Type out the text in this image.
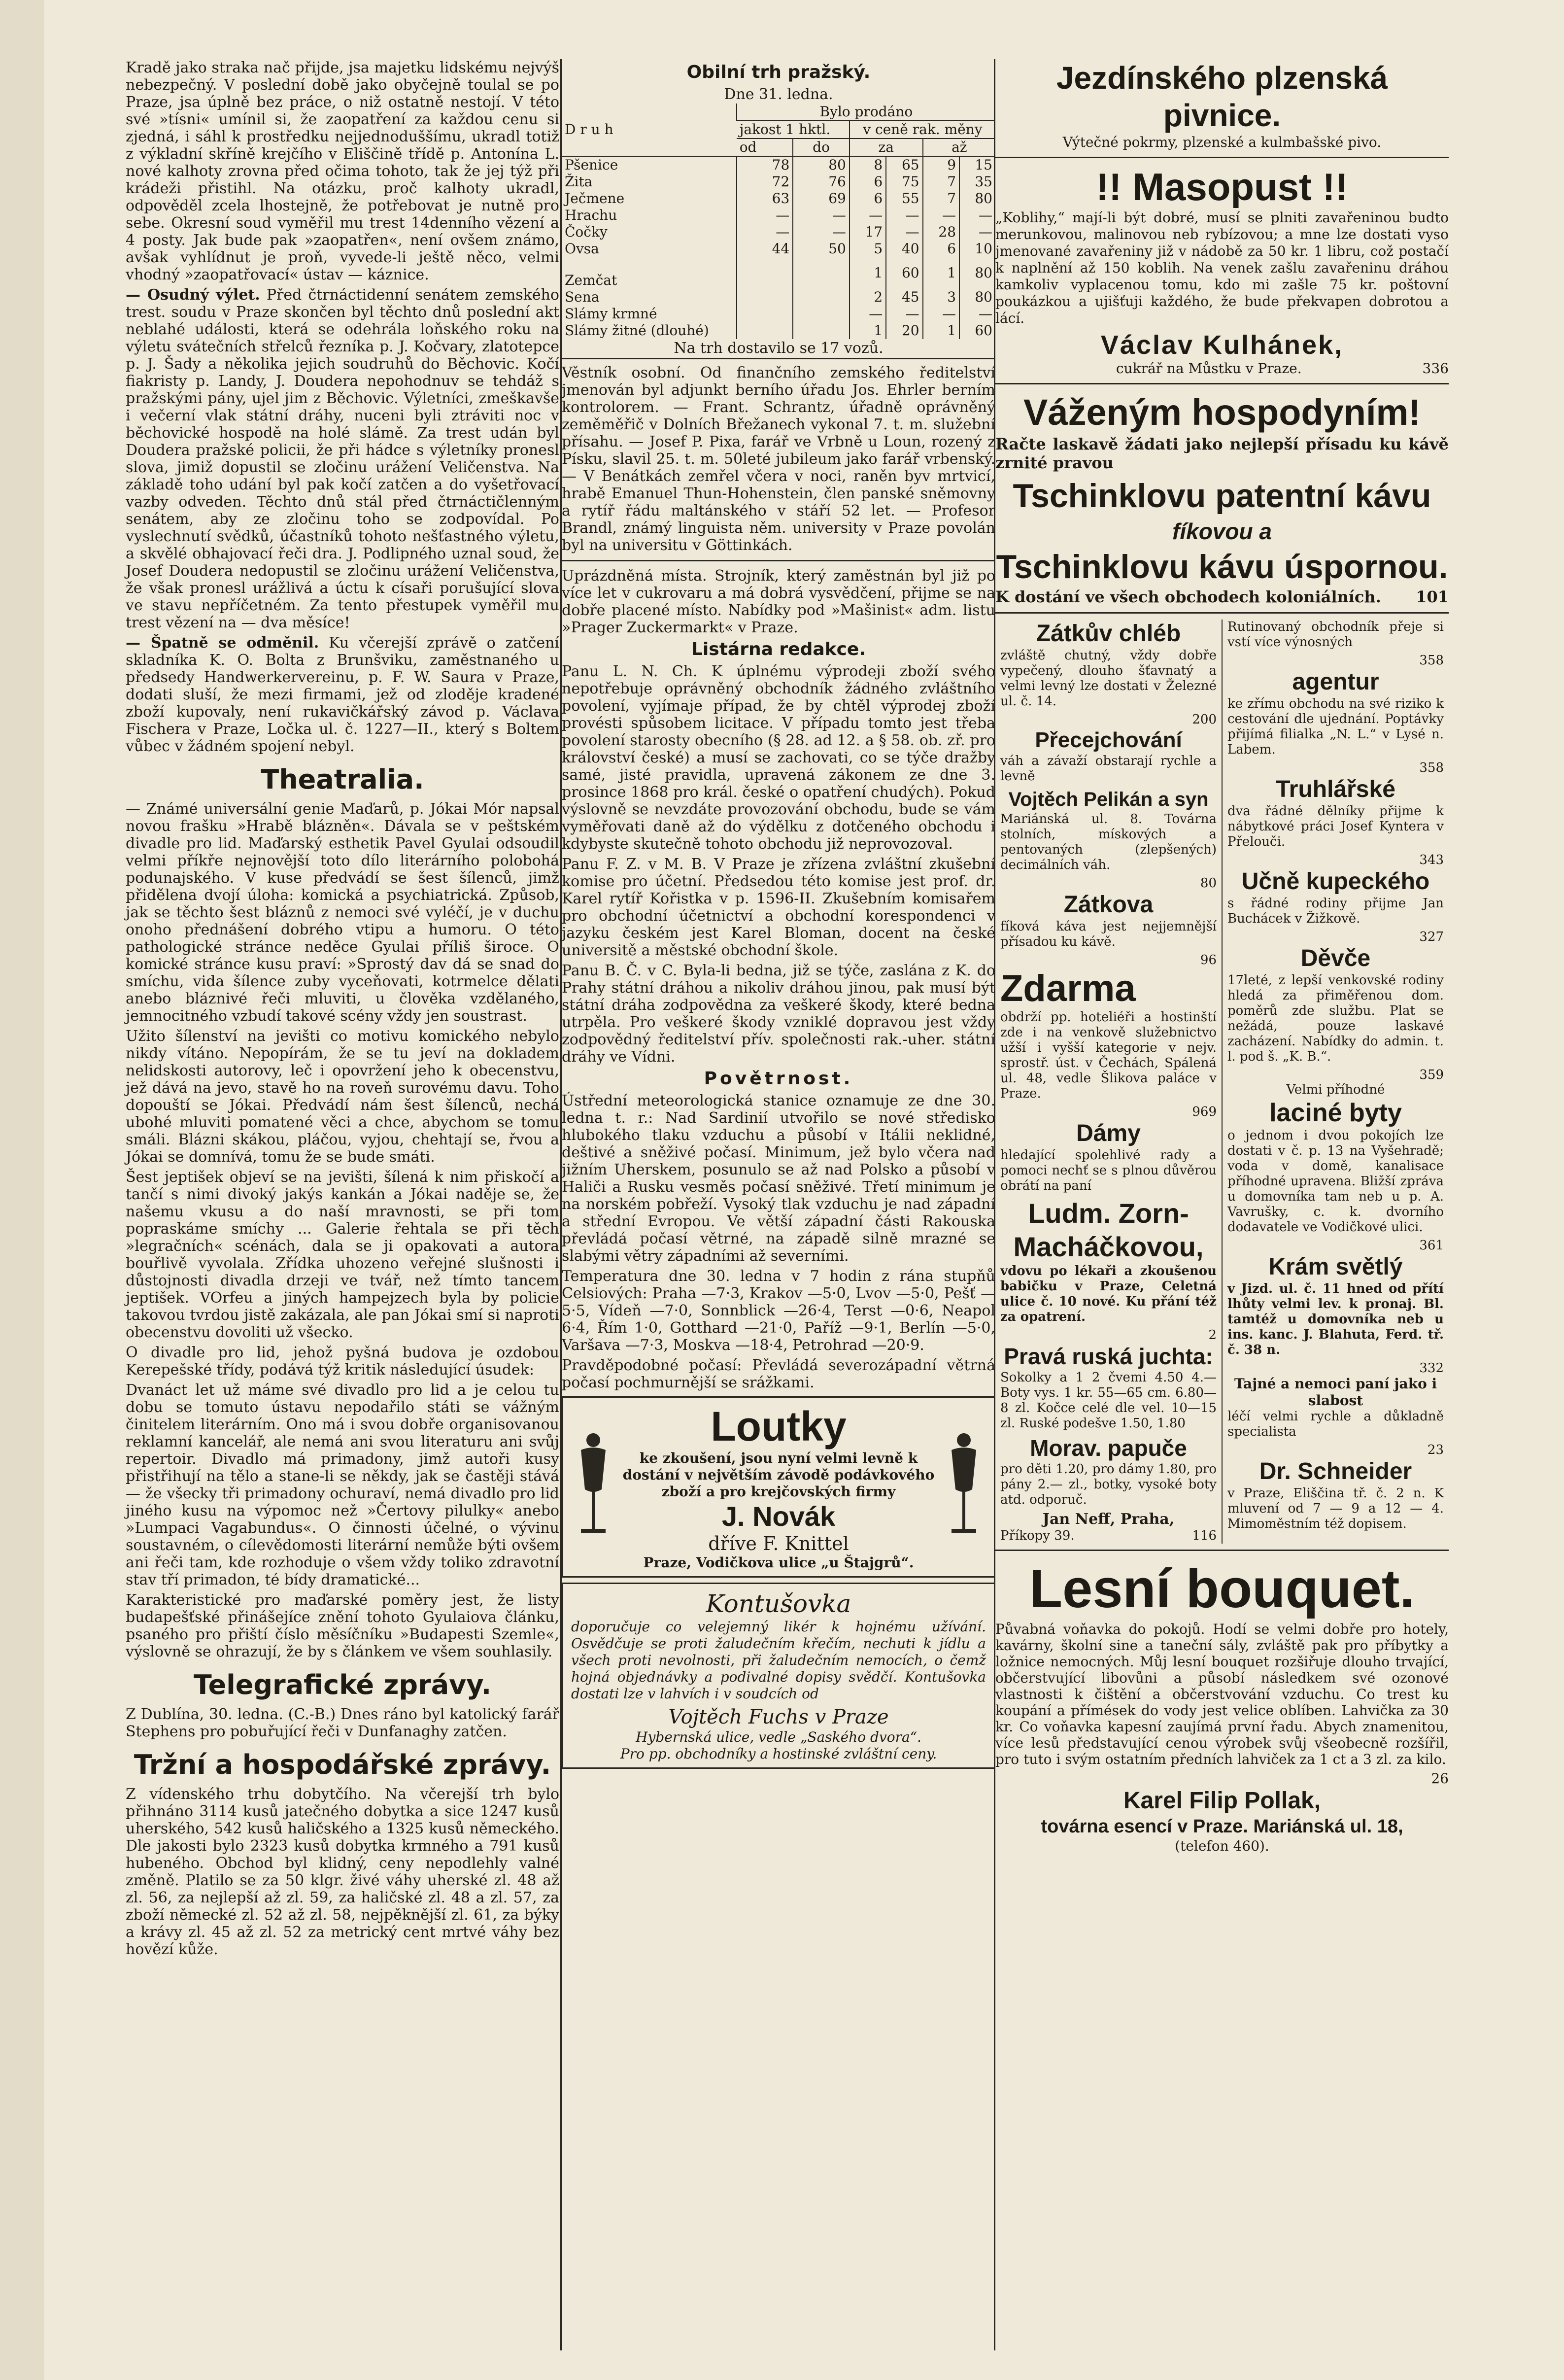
Kradě jako straka nač přijde, jsa majetku lidskému nejvýš nebezpečný. V poslední době jako obyčejně toulal se po Praze, jsa úplně bez práce, o niž ostatně nestojí. V této své »tísni« umínil si, že zaopatření za každou cenu si zjedná, i sáhl k prostředku nejjednoduššímu, ukradl totiž z výkladní skříně krejčího v Eliščině třídě p. Antonína L. nové kalhoty zrovna před očima tohoto, tak že jej týž při krádeži přistihl. Na otázku, proč kalhoty ukradl, odpověděl zcela lhostejně, že potřebovat je nutně pro sebe. Okresní soud vyměřil mu trest 14denního vězení a 4 posty. Jak bude pak »zaopatřen«, není ovšem známo, avšak vyhlídnut je proň, vyvede-li ještě něco, velmi vhodný »zaopatřovací« ústav — káznice.

— Osudný výlet. Před čtrnáctidenní senátem zemského trest. soudu v Praze skončen byl těchto dnů poslední akt neblahé události, která se odehrála loňského roku na výletu svátečních střelců řezníka p. J. Kočvary, zlatotepce p. J. Šady a několika jejich soudruhů do Běchovic. Kočí fiakristy p. Landy, J. Doudera nepohodnuv se tehdáž s pražskými pány, ujel jim z Běchovic. Výletníci, zmeškavše i večerní vlak státní dráhy, nuceni byli ztráviti noc v běchovické hospodě na holé slámě. Za trest udán byl Doudera pražské policii, že při hádce s výletníky pronesl slova, jimiž dopustil se zločinu urážení Veličenstva. Na základě toho udání byl pak kočí zatčen a do vyšetřovací vazby odveden. Těchto dnů stál před čtrnáctičlenným senátem, aby ze zločinu toho se zodpovídal. Po vyslechnutí svědků, účastníků tohoto nešťastného výletu, a skvělé obhajovací řeči dra. J. Podlipného uznal soud, že Josef Doudera nedopustil se zločinu urážení Veličenstva, že však pronesl urážlivá a úctu k císaři porušující slova ve stavu nepříčetném. Za tento přestupek vyměřil mu trest vězení na — dva měsíce!

— Špatně se odměnil. Ku včerejší zprávě o zatčení skladníka K. O. Bolta z Brunšviku, zaměstnaného u předsedy Handwerkervereinu, p. F. W. Saura v Praze, dodati sluší, že mezi firmami, jež od zloděje kradené zboží kupovaly, není rukavičkářský závod p. Václava Fischera v Praze, Ločka ul. č. 1227—II., který s Boltem vůbec v žádném spojení nebyl.

Theatralia.

— Známé universální genie Maďarů, p. Jókai Mór napsal novou frašku »Hrabě blázněn«. Dávala se v peštském divadle pro lid. Maďarský esthetik Pavel Gyulai odsoudil velmi příkře nejnovější toto dílo literárního polobohá podunajského. V kuse předvádí se šest šílenců, jimž přidělena dvojí úloha: komická a psychiatrická. Způsob, jak se těchto šest bláznů z nemoci své vyléčí, je v duchu onoho přednášení dobrého vtipu a humoru. O této pathologické stránce neděce Gyulai příliš široce. O komické stránce kusu praví: »Sprostý dav dá se snad do smíchu, vida šílence zuby vyceňovati, kotrmelce dělati anebo bláznivé řeči mluviti, u člověka vzdělaného, jemnocitného vzbudí takové scény vždy jen soustrast.

Užito šílenství na jevišti co motivu komického nebylo nikdy vítáno. Nepopírám, že se tu jeví na dokladem nelidskosti autorovy, leč i opovržení jeho k obecenstvu, jež dává na jevo, stavě ho na roveň surovému davu. Toho dopouští se Jókai. Předvádí nám šest šílenců, nechá ubohé mluviti pomatené věci a chce, abychom se tomu smáli. Blázni skákou, pláčou, vyjou, chehtají se, řvou a Jókai se domnívá, tomu že se bude smáti.

Šest jeptišek objeví se na jevišti, šílená k nim přiskočí a tančí s nimi divoký jakýs kankán a Jókai naděje se, že našemu vkusu a do naší mravnosti, se při tom popraskáme smíchy ... Galerie řehtala se při těch »legračních« scénách, dala se ji opakovati a autora bouřlivě vyvolala. Zřídka uhozeno veřejné slušnosti i důstojnosti divadla drzeji ve tvář, než tímto tancem jeptišek. VOrfeu a jiných hampejzech byla by policie takovou tvrdou jistě zakázala, ale pan Jókai smí si naproti obecenstvu dovoliti už všecko.

O divadle pro lid, jehož pyšná budova je ozdobou Kerepešské třídy, podává týž kritik následující úsudek:

Dvanáct let už máme své divadlo pro lid a je celou tu dobu se tomuto ústavu nepodařilo státi se vážným činitelem literárním. Ono má i svou dobře organisovanou reklamní kancelář, ale nemá ani svou literaturu ani svůj repertoir. Divadlo má primadony, jimž autoři kusy přistřihují na tělo a stane-li se někdy, jak se častěji stává — že všecky tři primadony ochuraví, nemá divadlo pro lid jiného kusu na výpomoc než »Čertovy pilulky« anebo »Lumpaci Vagabundus«. O činnosti účelné, o vývinu soustavném, o cílevědomosti literární nemůže býti ovšem ani řeči tam, kde rozhoduje o všem vždy toliko zdravotní stav tří primadon, té bídy dramatické...

Karakteristické pro maďarské poměry jest, že listy budapešťské přinášejíce znění tohoto Gyulaiova článku, psaného pro přiští číslo měsíčníku »Budapesti Szemle«, výslovně se ohrazují, že by s článkem ve všem souhlasily.

Telegrafické zprávy.

Z Dublína, 30. ledna. (C.-B.) Dnes ráno byl katolický farář Stephens pro pobuřující řeči v Dunfanaghy zatčen.

Tržní a hospodářské zprávy.

Z vídenského trhu dobytčího. Na včerejší trh bylo přihnáno 3114 kusů jatečného dobytka a sice 1247 kusů uherského, 542 kusů haličského a 1325 kusů německého. Dle jakosti bylo 2323 kusů dobytka krmného a 791 kusů hubeného. Obchod byl klidný, ceny nepodlehly valné změně. Platilo se za 50 klgr. živé váhy uherské zl. 48 až zl. 56, za nejlepší až zl. 59, za haličské zl. 48 a zl. 57, za zboží německé zl. 52 až zl. 58, nejpěknější zl. 61, za býky a krávy zl. 45 až zl. 52 za metrický cent mrtvé váhy bez hovězí kůže.

Obilní trh pražský.
Dne 31. ledna.
D r u h	Bylo prodáno					
	jakost 1 hktl.		v ceně rak. měny			
	od	do	za		až	
Pšenice	78	80	8	65	9	15
Žita	72	76	6	75	7	35
Ječmene	63	69	6	55	7	80
Hrachu	—	—	—	—	—	—
Čočky	—	—	17	—	28	—
Ovsa	44	50	5	40	6	10
Zemčat			1	60	1	80
Sena			2	45	3	80
Slámy krmné			—	—	—	—
Slámy žitné (dlouhé)			1	20	1	60
Na trh dostavilo se 17 vozů.

Věstník osobní. Od finančního zemského ředitelství jmenován byl adjunkt berního úřadu Jos. Ehrler berním kontrolorem. — Frant. Schrantz, úřadně oprávněný zeměměřič v Dolních Břežanech vykonal 7. t. m. služební přísahu. — Josef P. Pixa, farář ve Vrbně u Loun, rozený z Písku, slavil 25. t. m. 50leté jubileum jako farář vrbenský. — V Benátkách zemřel včera v noci, raněn byv mrtvicí, hrabě Emanuel Thun-Hohenstein, člen panské sněmovny a rytíř řádu maltánského v stáří 52 let. — Profesor Brandl, známý linguista něm. university v Praze povolán byl na universitu v Göttinkách.

Uprázdněná místa. Strojník, který zaměstnán byl již po více let v cukrovaru a má dobrá vysvědčení, přijme se na dobře placené místo. Nabídky pod »Mašinist« adm. listu »Prager Zuckermarkt« v Praze.

Listárna redakce.

Panu L. N. Ch. K úplnému výprodeji zboží svého nepotřebuje oprávněný obchodník žádného zvláštního povolení, vyjímaje případ, že by chtěl výprodej zboží provésti spůsobem licitace. V případu tomto jest třeba povolení starosty obecního (§ 28. ad 12. a § 58. ob. zř. pro království české) a musí se zachovati, co se týče dražby samé, jisté pravidla, upravená zákonem ze dne 3. prosince 1868 pro král. české o opatření chudých). Pokud výslovně se nevzdáte provozování obchodu, bude se vám vyměřovati daně až do výdělku z dotčeného obchodu i kdybyste skutečně tohoto obchodu již neprovozoval.

Panu F. Z. v M. B. V Praze je zřízena zvláštní zkušební komise pro účetní. Předsedou této komise jest prof. dr. Karel rytíř Kořistka v p. 1596-II. Zkušebním komisařem pro obchodní účetnictví a obchodní korespondenci v jazyku českém jest Karel Bloman, docent na české universitě a městské obchodní škole.

Panu B. Č. v C. Byla-li bedna, již se týče, zaslána z K. do Prahy státní dráhou a nikoliv dráhou jinou, pak musí být státní dráha zodpovědna za veškeré škody, které bedna utrpěla. Pro veškeré škody vzniklé dopravou jest vždy zodpovědný ředitelství přív. společnosti rak.-uher. státní dráhy ve Vídni.

Povětrnost.

Ústřední meteorologická stanice oznamuje ze dne 30. ledna t. r.: Nad Sardinií utvořilo se nové středisko hlubokého tlaku vzduchu a působí v Itálii neklidné, deštivé a sněživé počasí. Minimum, jež bylo včera nad jižním Uherskem, posunulo se až nad Polsko a působí v Haliči a Rusku vesměs počasí sněživé. Třetí minimum je na norském pobřeží. Vysoký tlak vzduchu je nad západní a střední Evropou. Ve větší západní části Rakouska převládá počasí větrné, na západě silně mrazné se slabými větry západními až severními.

Temperatura dne 30. ledna v 7 hodin z rána stupňů Celsiových: Praha —7·3, Krakov —5·0, Lvov —5·0, Pešť —5·5, Vídeň —7·0, Sonnblick —26·4, Terst —0·6, Neapol 6·4, Řím 1·0, Gotthard —21·0, Paříž —9·1, Berlín —5·0, Varšava —7·3, Moskva —18·4, Petrohrad —20·9.

Pravděpodobné počasí: Převládá severozápadní větrná počasí pochmurnější se srážkami.

Loutky
ke zkoušení, jsou nyní velmi levně k dostání v největším závodě podávkového zboží a pro krejčovských firmy
J. Novák
dříve F. Knittel
Praze, Vodičkova ulice „u Štajgrů“.
Kontušovka

doporučuje co velejemný likér k hojnému užívání. Osvědčuje se proti žaludečním křečím, nechuti k jídlu a všech proti nevolnosti, při žaludečním nemocích, o čemž hojná objednávky a podivalné dopisy svědčí. Kontušovka dostati lze v lahvích i v soudcích od

Vojtěch Fuchs v Praze
Hybernská ulice, vedle „Saského dvora“.
Pro pp. obchodníky a hostinské zvláštní ceny.
Jezdínského plzenská pivnice.
Výtečné pokrmy, plzenské a kulmbašské pivo.
!! Masopust !!

„Koblihy,“ mají-li být dobré, musí se plniti zavařeninou budto merunkovou, malinovou neb rybízovou; a mne lze dostati vyso jmenované zavařeniny již v nádobě za 50 kr. 1 libru, což postačí k naplnění až 150 koblih. Na venek zašlu zavařeninu dráhou kamkoliv vyplacenou tomu, kdo mi zašle 75 kr. poštovní poukázkou a ujišťuji každého, že bude překvapen dobrotou a lácí.

Václav Kulhánek,
cukrář na Můstku v Praze.	336
Váženým hospodyním!

Račte laskavě žádati jako nejlepší přísadu ku kávě zrnité pravou

Tschinklovu patentní kávu
fíkovou a
Tschinklovu kávu úspornou.
K dostání ve všech obchodech koloniálních.	101
Zátkův chléb

zvláště chutný, vždy dobře vypečený, dlouho šťavnatý a velmi levný lze dostati v Železné ul. č. 14.

200
Přecejchování

váh a závaží obstarají rychle a levně

Vojtěch Pelikán a syn

Mariánská ul. 8. Továrna stolních, mískových a pentovaných (zlepšených) decimálních váh.

80
Zátkova

fíková káva jest nejjemnější přísadou ku kávě.

96
Zdarma

obdrží pp. hoteliéři a hostinští zde i na venkově služebnictvo užší i vyšší kategorie v nejv. sprostř. úst. v Čechách, Spálená ul. 48, vedle Šlikova paláce v Praze.

969
Dámy

hledající spolehlivé rady a pomoci nechť se s plnou důvěrou obrátí na paní

Ludm. Zorn-Macháčkovou,

vdovu po lékaři a zkoušenou babičku v Praze, Celetná ulice č. 10 nové. Ku přání též za opatrení.

2
Pravá ruská juchta:

Sokolky a 1 2 čvemi 4.50 4.— Boty vys. 1 kr. 55—65 cm. 6.80—8 zl. Kočce celé dle vel. 10—15 zl. Ruské podešve 1.50, 1.80

Morav. papuče

pro děti 1.20, pro dámy 1.80, pro pány 2.— zl., botky, vysoké boty atd. odporuč.

Jan Neff, Praha,
Příkopy 39.	116

Rutinovaný obchodník přeje si vstí více výnosných

358
agentur

ke zřímu obchodu na své riziko k cestování dle ujednání. Poptávky přijímá filialka „N. L.“ v Lysé n. Labem.

358
Truhlářské

dva řádné dělníky přijme k nábytkové práci Josef Kyntera v Přelouči.

343
Učně kupeckého

s řádné rodiny přijme Jan Buchácek v Žižkově.

327
Děvče

17leté, z lepší venkovské rodiny hledá za přiměřenou dom. poměrů zde službu. Plat se nežádá, pouze laskavé zacházení. Nabídky do admin. t. l. pod š. „K. B.“.

359
Velmi příhodné
laciné byty

o jednom i dvou pokojích lze dostati v č. p. 13 na Vyšehradě; voda v domě, kanalisace příhodné upravena. Bližší zpráva u domovníka tam neb u p. A. Vavrušky, c. k. dvorního dodavatele ve Vodičkové ulici.

361
Krám světlý

v Jizd. ul. č. 11 hned od přítí lhůty velmi lev. k pronaj. Bl. tamtéž u domovníka neb u ins. kanc. J. Blahuta, Ferd. tř. č. 38 n.

332
Tajné a nemoci paní jako i slabost

léčí velmi rychle a důkladně specialista

23
Dr. Schneider

v Praze, Eliščina tř. č. 2 n. K mluvení od 7 — 9 a 12 — 4. Mimoměstním též dopisem.

Lesní bouquet.

Půvabná voňavka do pokojů. Hodí se velmi dobře pro hotely, kavárny, školní sine a taneční sály, zvláště pak pro příbytky a ložnice nemocných. Můj lesní bouquet rozšiřuje dlouho trvající, občerstvující libovůni a působí následkem své ozonové vlastnosti k čištění a občerstvování vzduchu. Co trest ku koupání a přímések do vody jest velice oblíben. Lahvička za 30 kr. Co voňavka kapesní zaujímá první řadu. Abych znamenitou, více lesů představující cenou výrobek svůj všeobecně rozšířil, pro tuto i svým ostatním předních lahviček za 1 ct a 3 zl. za kilo.

26
Karel Filip Pollak,
továrna esencí v Praze. Mariánská ul. 18,
(telefon 460).
